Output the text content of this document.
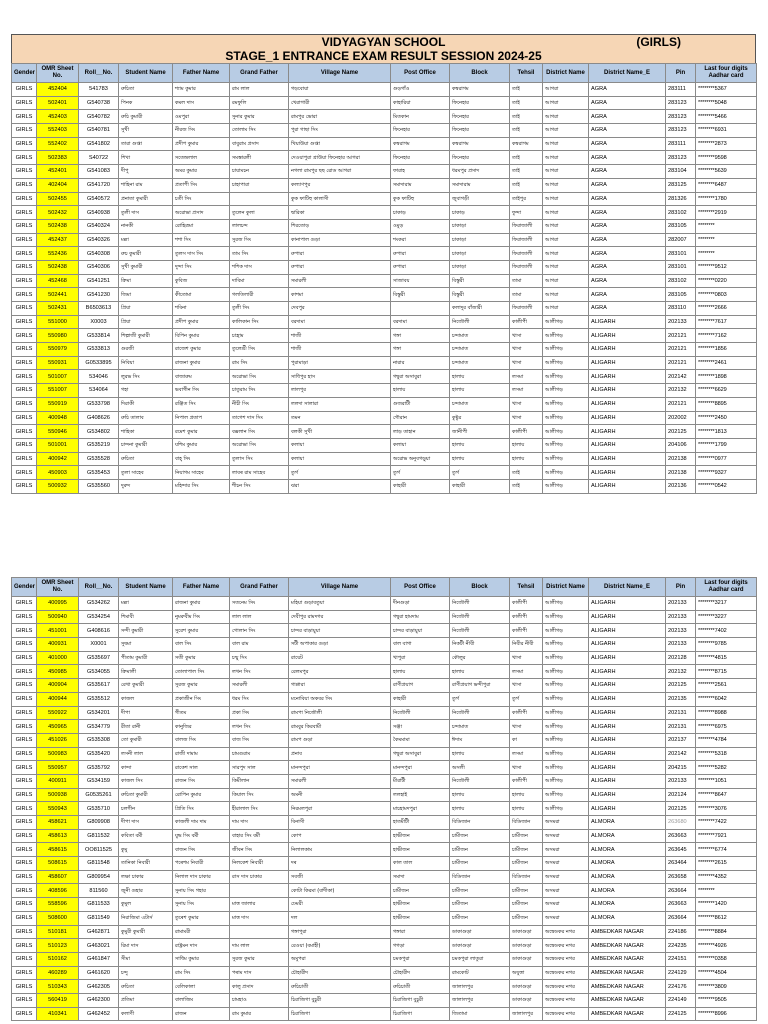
VIDYAGYAN SCHOOL	(GIRLS)
STAGE_1 ENTRANCE EXAM RESULT SESSION 2024-25
Gender	OMR Sheet No.	Roll__No.	Student Name	Father Name	Grand Father	Village Name	Post Office	Block	Tehsil	District Name	District Name_E	Pin	Last four digits Aadhar card
GIRLS	452404	541783	রুচিতা	শ্যাম কুমার	রাম লাল	গড়বোয়া	গুড়গাঁও	কম্বরাগম	তাই	আগরা	AGRA	283111	********5367
GIRLS	502401	G540738	পিনক	কমল দাস	রমফুলি	খেরাগারী	কাহারিয়া	ফিনেহার	তাই	আগরা	AGRA	283123	********5048
GIRLS	452403	G540782	রুচি কুমারী	ওমপুরা	সুনার কুমার	রামপুর ভোরা	মিতকান	ফিনেহার	তাই	আগরা	AGRA	283123	********5466
GIRLS	552403	G540781	সুখী	নীরজ সিং	তোলাম সিং	পুরা গাছা সিং	ফিনেহার	ফিনেহার	তাই	আগরা	AGRA	283123	********6931
GIRLS	552402	G541802	তারা গুপ্তা	প্রদীপ কুমার	বাবুরাম প্রসাদ	খিয়াউয়া গুপ্তা	কম্বরাগম	কম্বরাগম	কম্বরাগম	আগরা	AGRA	283111	********2873
GIRLS	502383	S40722	শিখা	সতেন্দ্রলাল	সমস্তারলী	দেওয়াপুরা গ্রাউয়া ফিনেহার আগরা	ফিনেহার	ফিনেহার	তাই	আগরা	AGRA	283123	********9598
GIRLS	452401	G541083	দীপু	অমর কুমার	চায়ামচন	নগলা রামপুর ছছ রোড আগরা	ফারাহ	ধরমপুর প্রসাদ	তাই	আগরা	AGRA	283104	********5639
GIRLS	402404	G541720	শাহিনা রাম	প্রতাপী সিং	চাহাপারা	কল্যাণপুর	সমাদারাম	সমাদারাম	তাই	আগরা	AGRA	283125	********6487
GIRLS	502455	G540572	প্রনাতা কুমারী	চতী সিং		কুক ফাটিহু কালাসী	কুক ফাটিহু	জুবাগড়ী	তাইপুর	আগরা	AGRA	281326	********1780
GIRLS	502432	G540938	তুলী দাস	অরোভা প্রসাদ	তুলেন কুলা	দ্বারিকা	চাকাড়	চাকাড়	ফুন্দা	আগরা	AGRA	283102	********2919
GIRLS	502438	G540324	নানকী	রোহিত্রমা	লালচন্দ	শিরতোড়	ওমুড়	চাকাড়া	ফিরাজালী	আগরা	AGRA	283105	********
GIRLS	452437	G540326	মল্লা	শশা সিং	সুরজ সিং	কানাপাল গুড়া	শংকরা	চাকাড়া	ফিরাজালী	আগরা	AGRA	282007	********
GIRLS	552436	G540308	রুচ কুমারী	তুলস দাস সিং	তাম সিং	রুপারা	রুপারা	চাকাড়া	ফিরাজালী	আগরা	AGRA	283101	********
GIRLS	502438	G540306	সুখী কুমারী	দুন্দা সিং	শশিক দাস	রুপারা	রুপারা	চাকাড়া	ফিরাজালী	আগরা	AGRA	283101	********9512
GIRLS	452468	G541251	ক্রিমা	কুবিজ	দাবিমা	সমারলী	সাজাবয়	বিস্তুরী	তামা	আগরা	AGRA	283102	********0220
GIRLS	502441	G541230	জিমা	কীতোমা	গলতিলারী	কাশমা	বিস্তুরী	বিস্তুরী	তামা	আগরা	AGRA	283105	********0803
GIRLS	502431	B6503613	প্রিয়া	শবিনা	তুলী সিং	দেবপুর		কলাদুর বাঁজারী	ফিরাজালী	আগরা	AGRA	283110	********2666
GIRLS	551000	X0003	প্রিয়া	প্রদীপ কুমার	কালিকান সিং	বরদামা	বরদামা	নিজৌলী	কালীপী	আলীগড়	ALIGARH	202133	********7617
GIRLS	550980	G533814	শিল্পাজী কুমারী	বিপিন কুমার	চাহ্রাম	শাজী	গঙ্গা	চন্দামাত	খাসা	আলীগড়	ALIGARH	202121	********7162
GIRLS	550979	G533813	গুরজী	রাজেশ কুমার	তুলেশ্রী সিং	শাজী	গঙ্গা	চন্দামাত	খাসা	আলীগড়	ALIGARH	202121	********1856
GIRLS	550931	G0533895	নিবিয়া	রাজনা কুমার	রাম সিং	পুরামাড়া	নারার	চন্দামাত	খাসা	আলীগড়	ALIGARH	202121	********2461
GIRLS	501007	534046	লুরভ সিং	বাজারুম	অরোভা সিং	সাধিপুর হাস	গম্বুরা অসাবুরা	হালায়	লসমা	আলীগড়	ALIGARH	202142	********1898
GIRLS	551007	534064	গহা	ভবাগীন সিং	চাতুরাম সিং	লালপুর	হালায়	হালায়	লসমা	আলীগড়	ALIGARH	202132	********6629
GIRLS	550919	G533798	দিরাকী	রঞ্জিত সিং	নীচী সিং	ললদা সালারা	গুজরাটী	চন্দামাত	খাসা	আলীগড়	ALIGARH	202121	********8895
GIRLS	400948	G408626	রুচি তালাব	নিপাল প্রতাপ	তাগেশ দাস সিং	তমন	গৌরান	কুষ্টুর	খাসা	আলীগড়	ALIGARH	202002	********2450
GIRLS	550946	G534802	শাহিকা	রমেশ কুমার	বক্সলান সিং	বলকী সুখী	লাড় তাহান	জানীপী	কালীপী	আলীগড়	ALIGARH	202125	********1813
GIRLS	501001	G535219	চান্দনা কুমারী	যশিম কুমার	অরোভা সিং	কলায়া	কলায়া	হালায়	হালায়	আলীগড়	ALIGARH	204106	********1799
GIRLS	400942	G535528	রুচিতা	বাহ্ সিং	তুলাস সিং	কলায়া	অরোভ অনুবগড়ুয়া	হালায়	হালায়	আলীগড়	ALIGARH	202138	********0977
GIRLS	450903	G535453	তুলা সাহেব	নিয়াগম সাহেব	লাবৰ রাম সাহেব	তুর্গ	তুর্গ	তুর্গ	তাই	আলীগড়	ALIGARH	202138	********9327
GIRLS	500932	G535560	দুরুদ	মহিন্দার সিং	শীচন সিং	ঝরা	কাহারী	কাহারী	তাই	আলীগড়	ALIGARH	202136	********0542
Gender	OMR Sheet No.	Roll__No.	Student Name	Father Name	Grand Father	Village Name	Post Office	Block	Tehsil	District Name	District Name_E	Pin	Last four digits Aadhar card
GIRLS	400995	G534262	মল্লা	রাজনা কুমার	সতনেম সিং	মহিয়া গুড়াবতুয়া	দীনগুড়া	নিজৌলী	কালীপী	আলীগড়	ALIGARH	202133	********3217
GIRLS	500940	G534254	শিমাবী	নুমরুবীম সিং	লাল লাল	দেবীপুর রামদগর	গম্বুরা হামদাম	নিজৌলী	কালীপী	আলীগড়	ALIGARH	202133	********3227
GIRLS	451001	G408616	সন্দী কুমারী	সুরেশ কুমার	গোলান সিং	চান্দর বাড়ায়ুয়া	চান্দর বাড়ায়ুয়া	নিজৌলী	কালীপী	আলীগড়	ALIGARH	202133	********7402
GIRLS	400931	X0001	সুষমা	বাল সিং	বাল রাম	সটী অপাকার গুড়া	বাল বাগা	নিকটী নীবী	নিবীর নীবী	আলীগড়	ALIGARH	202133	********9785
GIRLS	401000	G535697	পীতাম কুমারী	সতী কুমার	চম্মু সিং	রায়েট	খাপুরা	কৌলুর	খাসা	আলীগড়	ALIGARH	202128	********4815
GIRLS	450985	G534055	ক্রিমালী	তোলাপাল সিং	লখন সিং	রেলমপুর	হালায়	হালায়	লসমা	আলীগড়	ALIGARH	202132	********8715
GIRLS	400904	G535617	রেখা কুমারী	সুরজ কুমার	সমারলী	গাপ্পারা	রাণীপ্রয়াগ	রাণীপ্রয়াগ ভন্দীপুরা	খাসা	আলীগড়	ALIGARH	202125	********2561
GIRLS	400944	G535512	কাজল	প্রকাজীন সিং	ধরম সিং	মনোবিয়া অকবর সিং	কাহারী	তুর্গ	তুর্গ	আলীগড়	ALIGARH	202135	********6042
GIRLS	550922	G534201	দীপা	গীতম	প্রকা সিং	রামপা নিজৌলী	নিজৌলী	নিজৌলী	কালীপী	আলীগড়	ALIGARH	202131	********8988
GIRLS	450965	G534779	রীতা রানী	কানুজির	লখন সিং	রামবুর কিরবামী	সঞ্জা	চন্দামাত	খাসা	আলীগড়	ALIGARH	202131	********6975
GIRLS	451026	G535308	তো কুমারী	বালজ সিং	বাজ সিং	রামপ গুড়া	কৈমমামা	ঈদাম	কা	আলীগড়	ALIGARH	202137	********4784
GIRLS	500983	G535420	লসনী লাল	রাজী দামাম	চামণ্ডরাম	প্রনাব	গম্বুরা অসাবুরা	হালায়	লসমা	আলীগড়	ALIGARH	202142	********5318
GIRLS	550957	G535792	কান্দা	রাকেশ সাল	সারপুদ সাল	মানন্দপুরা	মানন্দপুরা	অসলী	খাসা	আলীগড়	ALIGARH	204215	********5282
GIRLS	400911	G534159	কাজল সিং	রাজন সিং	কিমীলান	সমারলী	মীরাটী	নিজৌলী	কালীপী	আলীগড়	ALIGARH	202133	********1051
GIRLS	500938	G0535261	রুচিতা কুমারী	রোপিন কুমার	কিয়াল সিং	অমনী	ললহাই	হালায়	হালায়	আলীগড়	ALIGARH	202124	********8647
GIRLS	550943	G535710	চলগীন	প্রিতি সিং	হীরালাল সিং	নিরমলপুরা	মাচহামদপুরা	হালায়	হালায়	আলীগড়	ALIGARH	202125	********3076
GIRLS	458621	G809908	দীপা দাস	কাজলী দাম দাম	দাম দাস	বিনাসী	হাতমীটী	বিডিজান	বিডিজান	অসমরা	ALMORA	263680	********7422
GIRLS	458613	G811532	কবিতা বৰ্মী	যুদ্ধ সিং বৰ্মী	বাহার সিং বৰ্মী	কোপ	হাভীজন	চামীজন	চামীজন	অসমরা	ALMORA	263663	********7921
GIRLS	458615	OO811525	কুমু	বাজন সিং	জীবন সিং	নিলালকাম	হাভীজন	চামীজন	চামীজন	অসমরা	ALMORA	263645	********6774
GIRLS	508615	G811548	তানিকা নিবারী	পৰেশম নিবারী	নিলকেশ নিবারী	দৰ	কাল তাল	চামীজন	চামীজন	অসমরা	ALMORA	263464	********2615
GIRLS	458607	G809954	লক্ষা চাকার	নিলাল দাস চাকার	রাস দাস চাকার	সবজী	সমাদা	বিডিজান	বিডিজান	অসমরা	ALMORA	263658	********4352
GIRLS	408596	811560	জুনী গুহার	সুনায় সিং গহার		কোটা কিরমা (বাদীকা)	চামীজন	চামীজন	চামীজন	অসমরা	ALMORA	263664	********
GIRLS	558596	G811533	কুমুল	সুনায় সিং	মাত্ত জালার	ঢেমরী	হাভীজন	চামীজন	চামীজন	অসমরা	ALMORA	263663	********1420
GIRLS	508600	G811549	নিরাজিমা এটার্স	তুৰেশ কুমার	মাত্ত দাস	দল	হাভীজন	চামীজন	চামীজন	অসমরা	ALMORA	263664	********8612
GIRLS	510181	G462871	কুমুরী কুমারী	রামামরী		গঙ্গাপুরা	গঙ্গারা	ডাকাগুড়া	ডাকাগুড়া	অম্বেডকর নগর	AMBEDKAR NAGAR	224186	********8884
GIRLS	510123	G463021	রিমা দাস	রাষ্ট্রমন দাস	দাম লাল	রেওয়া (বমাহী)	গগড়া	ডাকাগুড়া	ডাকাগুড়া	অম্বেডকর নগর	AMBEDKAR NAGAR	224235	********4926
GIRLS	510162	G461847	সীমা	সাধিম কুমার	সুরজ কুমার	অমুপরা	চমকপুরা	চমকপুরা লাতুরা	ডাকাগুড়া	অম্বেডকর নগর	AMBEDKAR NAGAR	224151	********0358
GIRLS	460289	G461620	চন্দু	রাম সিং	পৰাম দাস	চৌহারীদ	চৌহারীদ	রামকোট	অযুত্তা	অম্বেডকর নগর	AMBEDKAR NAGAR	224129	********4504
GIRLS	510343	G462305	রুচিতা	বেলিকালা	কালু প্রসাদ	রুচিচাতী	রুচিচাতী	জালালপুর	ডাকাগুড়া	অম্বেডকর নগর	AMBEDKAR NAGAR	224176	********3809
GIRLS	560419	G462300	প্রতিমা	বালাজিম	চামহাও	চিরাজিগা বুচুরী	চিরাজিগা বুচুরী	জালালপুর	ডাকাগুড়া	অম্বেডকর নগর	AMBEDKAR NAGAR	224149	********9505
GIRLS	410341	G462452	কলাণী	রাজন	রাম কুমার	চিরাজিগা	চিরাজিগা	জিতামা	জালালপুর	অম্বেডকর নগর	AMBEDKAR NAGAR	224125	********8996
